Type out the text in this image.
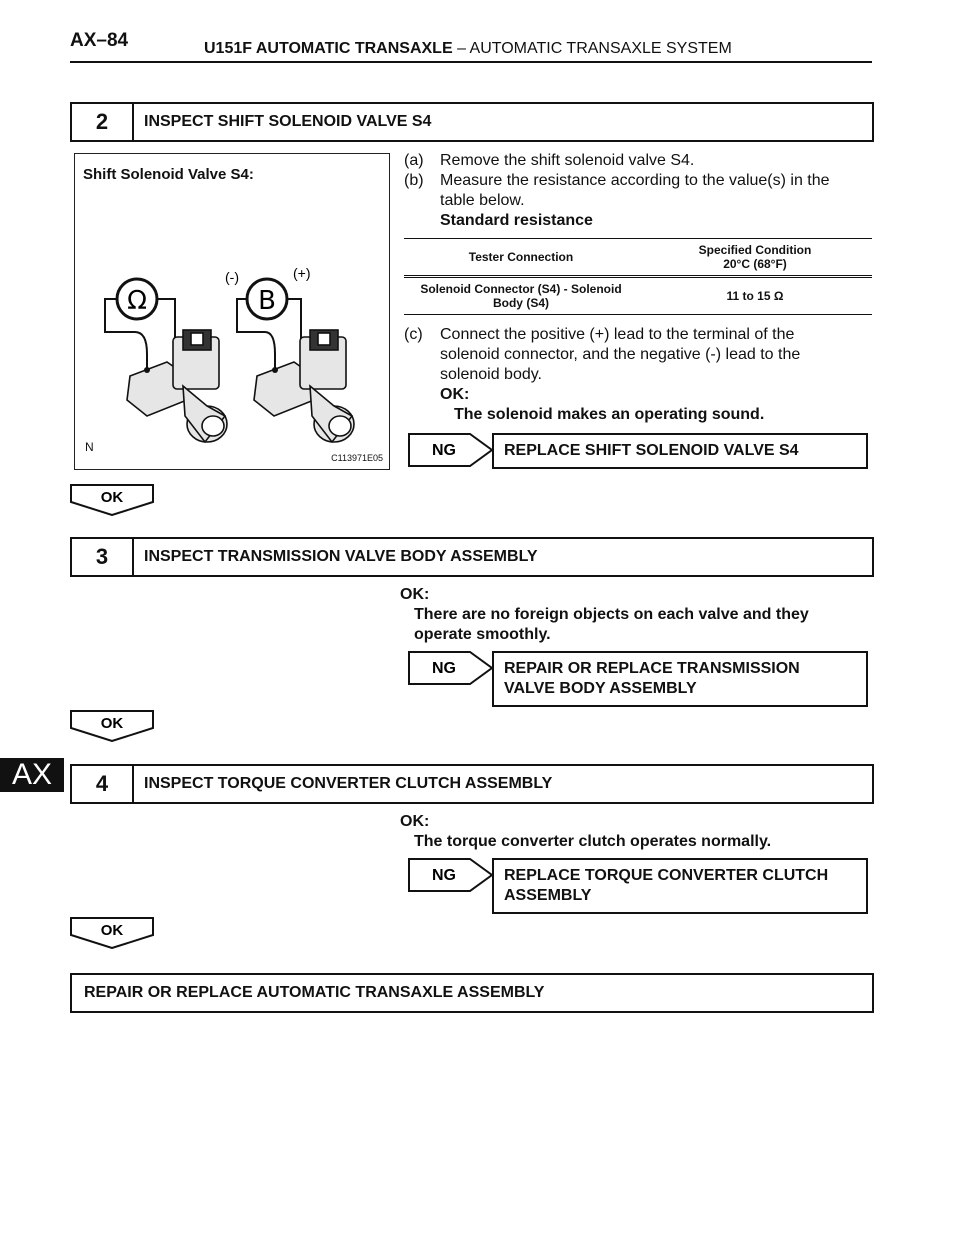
AX–84	U151F AUTOMATIC TRANSAXLE – AUTOMATIC TRANSAXLE SYSTEM
AX
2	INSPECT SHIFT SOLENOID VALVE S4
Shift Solenoid Valve S4:
Ω	B
(-)	(+)
N
C113971E05
(a) Remove the shift solenoid valve S4.
(b) Measure the resistance according to the value(s) in the
table below.
Standard resistance
Tester Connection	Specified Condition
20°C (68°F)

Solenoid Connector (S4) - Solenoid
Body (S4)	11 to 15 Ω
(c) Connect the positive (+) lead to the terminal of the
solenoid connector, and the negative (-) lead to the
solenoid body.
OK:
The solenoid makes an operating sound.
NG	REPLACE SHIFT SOLENOID VALVE S4
OK
3	INSPECT TRANSMISSION VALVE BODY ASSEMBLY
OK:
There are no foreign objects on each valve and they
operate smoothly.
NG	REPAIR OR REPLACE TRANSMISSION
VALVE BODY ASSEMBLY
OK
4	INSPECT TORQUE CONVERTER CLUTCH ASSEMBLY
OK:
The torque converter clutch operates normally.
NG	REPLACE TORQUE CONVERTER CLUTCH
ASSEMBLY
OK
REPAIR OR REPLACE AUTOMATIC TRANSAXLE ASSEMBLY
